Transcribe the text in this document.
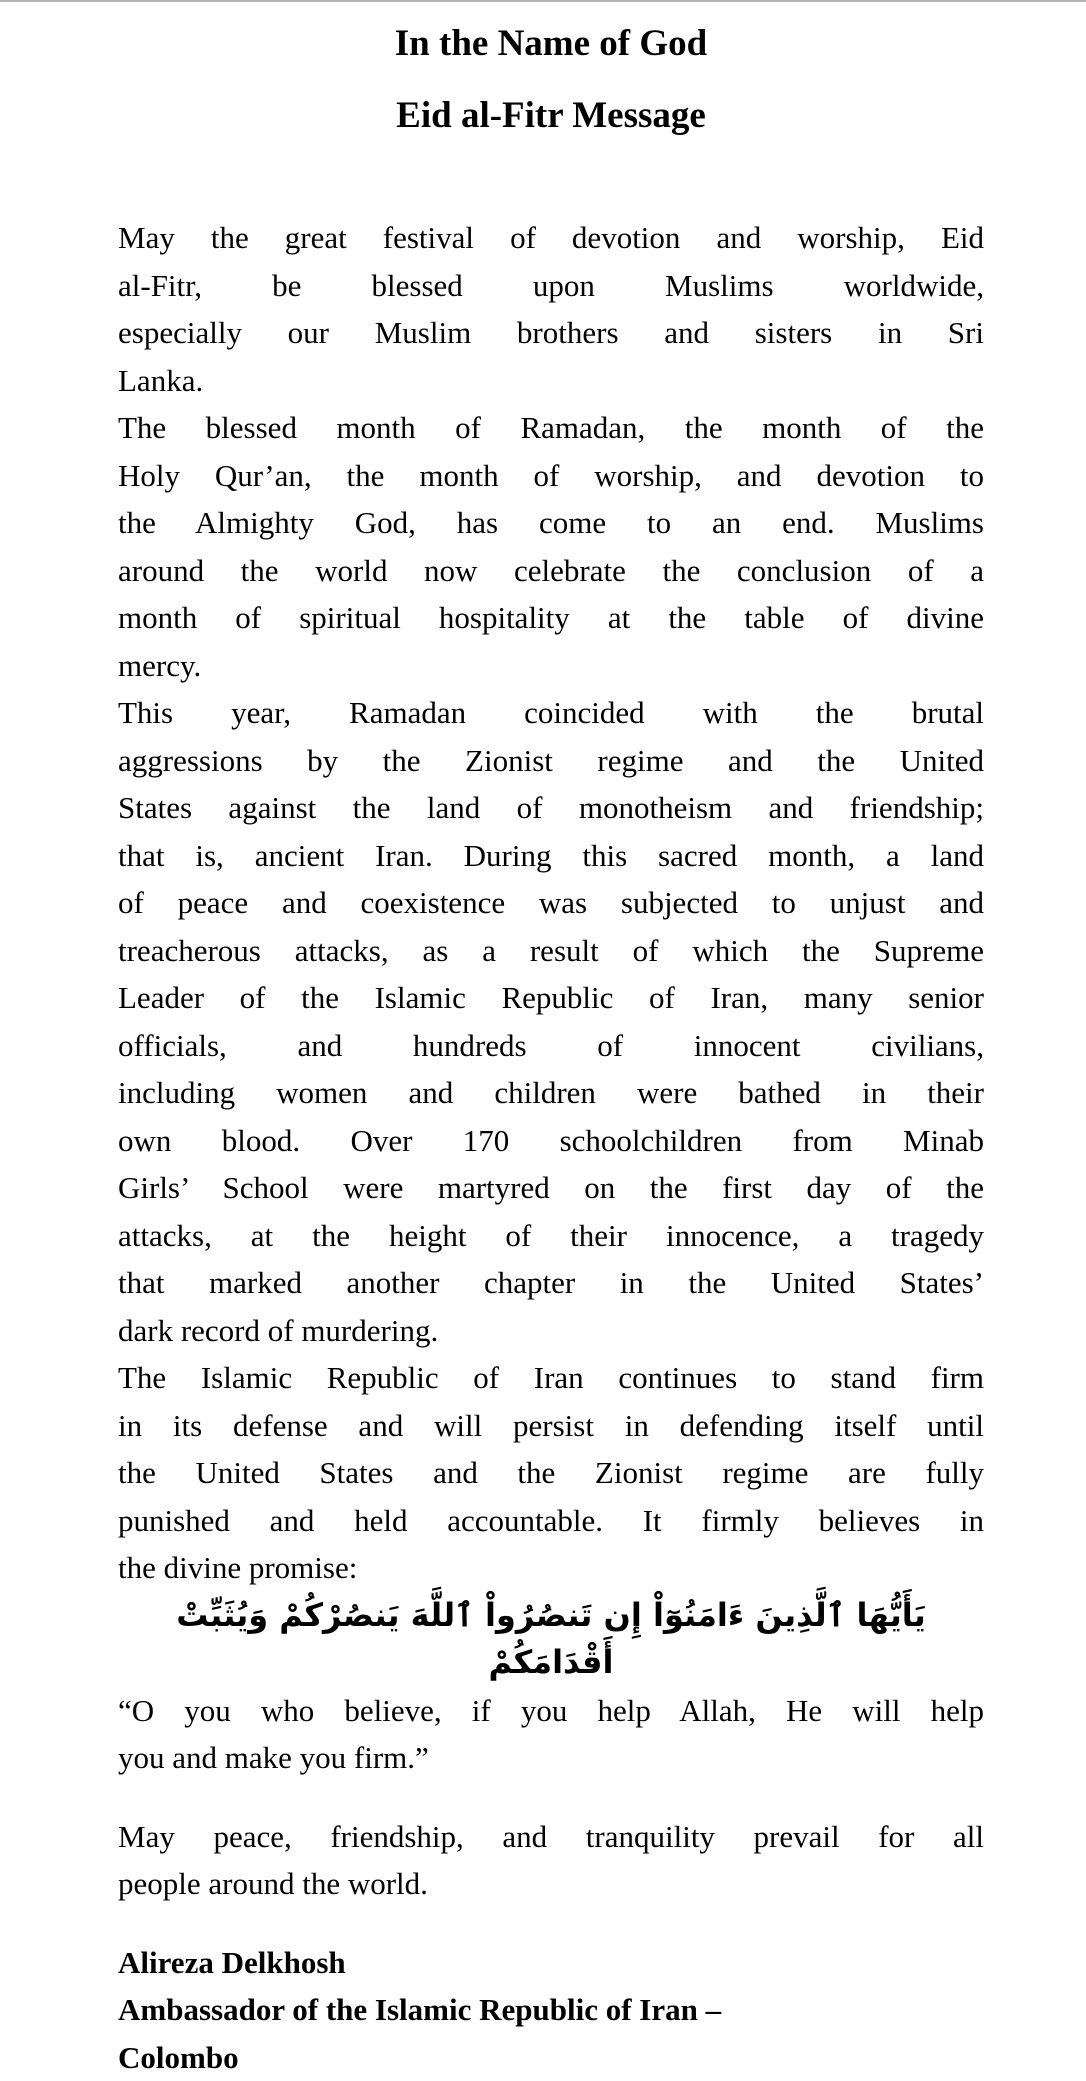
In the Name of God
Eid al-Fitr Message
May the great festival of devotion and worship, Eid
al-Fitr, be blessed upon Muslims worldwide,
especially our Muslim brothers and sisters in Sri
Lanka.
The blessed month of Ramadan, the month of the
Holy Qur’an, the month of worship, and devotion to
the Almighty God, has come to an end. Muslims
around the world now celebrate the conclusion of a
month of spiritual hospitality at the table of divine
mercy.
This year, Ramadan coincided with the brutal
aggressions by the Zionist regime and the United
States against the land of monotheism and friendship;
that is, ancient Iran. During this sacred month, a land
of peace and coexistence was subjected to unjust and
treacherous attacks, as a result of which the Supreme
Leader of the Islamic Republic of Iran, many senior
officials, and hundreds of innocent civilians,
including women and children were bathed in their
own blood. Over 170 schoolchildren from Minab
Girls’ School were martyred on the first day of the
attacks, at the height of their innocence, a tragedy
that marked another chapter in the United States’
dark record of murdering.
The Islamic Republic of Iran continues to stand firm
in its defense and will persist in defending itself until
the United States and the Zionist regime are fully
punished and held accountable. It firmly believes in
the divine promise:
يَأَيُّهَا ٱلَّذِينَ ءَامَنُوٓاْ إِن تَنصُرُواْ ٱللَّهَ يَنصُرْكُمْ وَيُثَبِّتْ أَقْدَامَكُمْ
“O you who believe, if you help Allah, He will help
you and make you firm.”
May peace, friendship, and tranquility prevail for all
people around the world.
Alireza Delkhosh
Ambassador of the Islamic Republic of Iran –
Colombo
